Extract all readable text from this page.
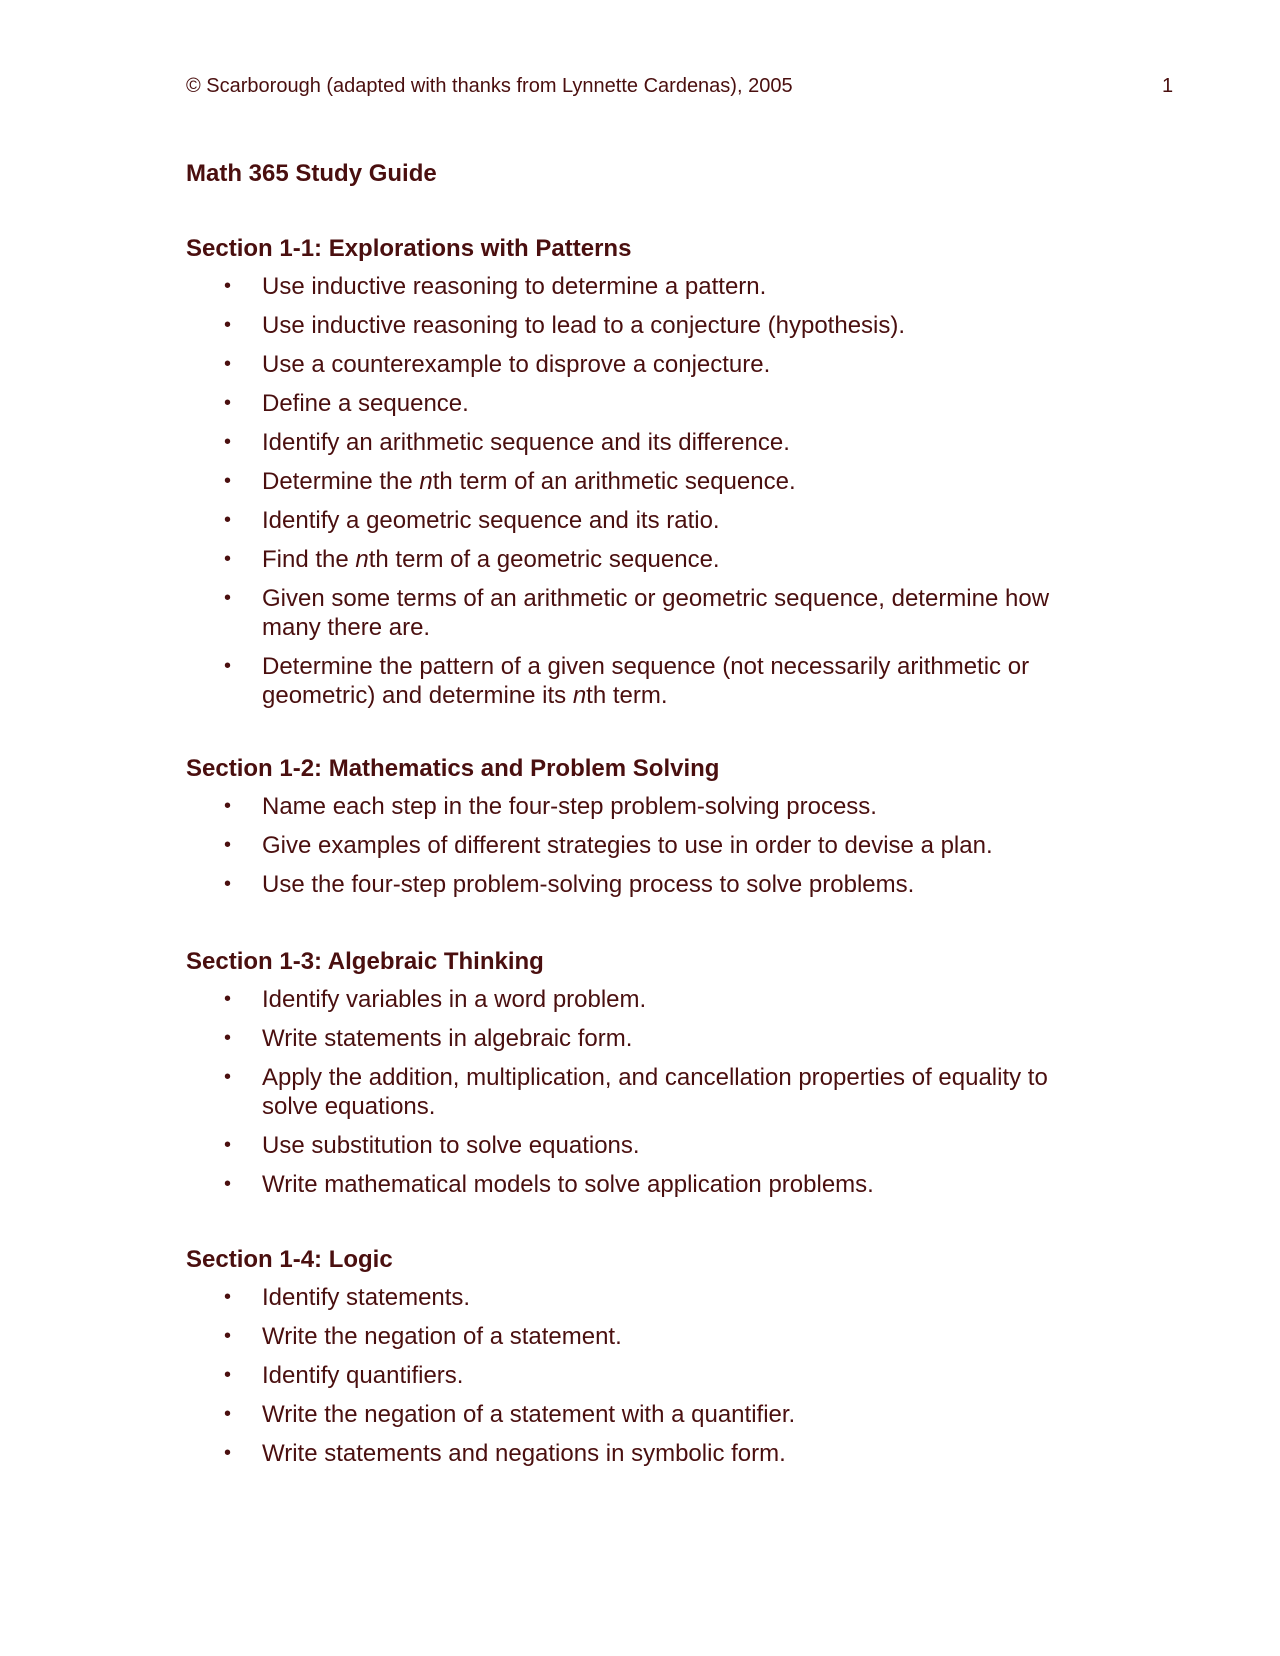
© Scarborough (adapted with thanks from Lynnette Cardenas), 2005	1
Math 365 Study Guide
Section 1-1: Explorations with Patterns
• Use inductive reasoning to determine a pattern.
• Use inductive reasoning to lead to a conjecture (hypothesis).
• Use a counterexample to disprove a conjecture.
• Define a sequence.
• Identify an arithmetic sequence and its difference.
• Determine the nth term of an arithmetic sequence.
• Identify a geometric sequence and its ratio.
• Find the nth term of a geometric sequence.
• Given some terms of an arithmetic or geometric sequence, determine how many there are.
• Determine the pattern of a given sequence (not necessarily arithmetic or geometric) and determine its nth term.
Section 1-2: Mathematics and Problem Solving
• Name each step in the four-step problem-solving process.
• Give examples of different strategies to use in order to devise a plan.
• Use the four-step problem-solving process to solve problems.
Section 1-3: Algebraic Thinking
• Identify variables in a word problem.
• Write statements in algebraic form.
• Apply the addition, multiplication, and cancellation properties of equality to solve equations.
• Use substitution to solve equations.
• Write mathematical models to solve application problems.
Section 1-4: Logic
• Identify statements.
• Write the negation of a statement.
• Identify quantifiers.
• Write the negation of a statement with a quantifier.
• Write statements and negations in symbolic form.
